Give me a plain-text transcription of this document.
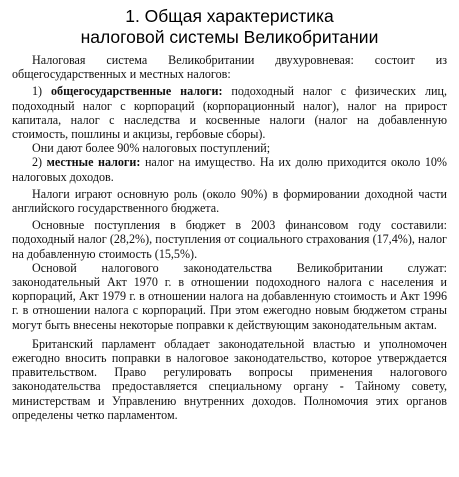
1. Общая характеристика
налоговой системы Великобритании

Налоговая система Великобритании двухуровневая: состоит из общегосударственных и местных налогов:

1) общегосударственные налоги: подоходный налог с физических лиц, подоходный налог с корпораций (корпорационный налог), налог на прирост капитала, налог с наследства и косвенные налоги (налог на добавленную стоимость, пошлины и акцизы, гербовые сборы).

Они дают более 90% налоговых поступлений;

2) местные налоги: налог на имущество. На их долю приходится около 10% налоговых доходов.

Налоги играют основную роль (около 90%) в формировании доходной части английского государственного бюджета.

Основные поступления в бюджет в 2003 финансовом году составили: подоходный налог (28,2%), поступления от социального страхования (17,4%), налог на добавленную стоимость (15,5%).

Основой налогового законодательства Великобритании служат: законодательный Акт 1970 г. в отношении подоходного налога с населения и корпораций, Акт 1979 г. в отношении налога на добавленную стоимость и Акт 1996 г. в отношении налога с корпораций. При этом ежегодно новым бюджетом страны могут быть внесены некоторые поправки к действующим законодательным актам.

Британский парламент обладает законодательной властью и уполномочен ежегодно вносить поправки в налоговое законодательство, которое утверждается правительством. Право регулировать вопросы применения налогового законодательства предоставляется специальному органу - Тайному совету, министерствам и Управлению внутренних доходов. Полномочия этих органов определены четко парламентом.
